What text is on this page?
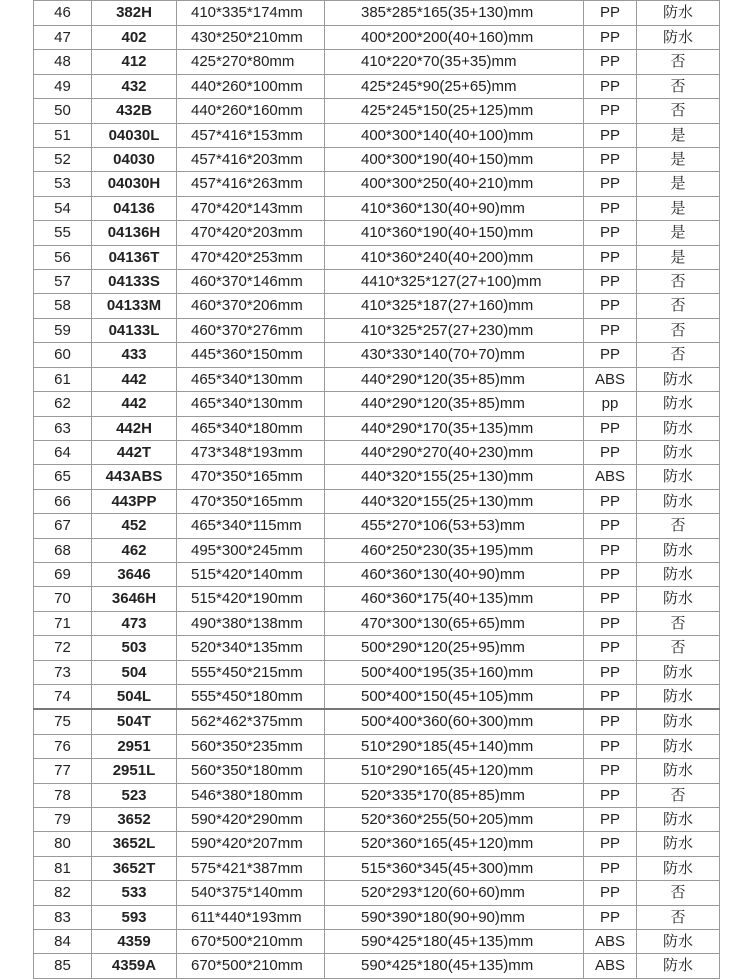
46	382H	410*335*174mm	385*285*165(35+130)mm	PP	防水
47	402	430*250*210mm	400*200*200(40+160)mm	PP	防水
48	412	425*270*80mm	410*220*70(35+35)mm	PP	否
49	432	440*260*100mm	425*245*90(25+65)mm	PP	否
50	432B	440*260*160mm	425*245*150(25+125)mm	PP	否
51	04030L	457*416*153mm	400*300*140(40+100)mm	PP	是
52	04030	457*416*203mm	400*300*190(40+150)mm	PP	是
53	04030H	457*416*263mm	400*300*250(40+210)mm	PP	是
54	04136	470*420*143mm	410*360*130(40+90)mm	PP	是
55	04136H	470*420*203mm	410*360*190(40+150)mm	PP	是
56	04136T	470*420*253mm	410*360*240(40+200)mm	PP	是
57	04133S	460*370*146mm	4410*325*127(27+100)mm	PP	否
58	04133M	460*370*206mm	410*325*187(27+160)mm	PP	否
59	04133L	460*370*276mm	410*325*257(27+230)mm	PP	否
60	433	445*360*150mm	430*330*140(70+70)mm	PP	否
61	442	465*340*130mm	440*290*120(35+85)mm	ABS	防水
62	442	465*340*130mm	440*290*120(35+85)mm	pp	防水
63	442H	465*340*180mm	440*290*170(35+135)mm	PP	防水
64	442T	473*348*193mm	440*290*270(40+230)mm	PP	防水
65	443ABS	470*350*165mm	440*320*155(25+130)mm	ABS	防水
66	443PP	470*350*165mm	440*320*155(25+130)mm	PP	防水
67	452	465*340*115mm	455*270*106(53+53)mm	PP	否
68	462	495*300*245mm	460*250*230(35+195)mm	PP	防水
69	3646	515*420*140mm	460*360*130(40+90)mm	PP	防水
70	3646H	515*420*190mm	460*360*175(40+135)mm	PP	防水
71	473	490*380*138mm	470*300*130(65+65)mm	PP	否
72	503	520*340*135mm	500*290*120(25+95)mm	PP	否
73	504	555*450*215mm	500*400*195(35+160)mm	PP	防水
74	504L	555*450*180mm	500*400*150(45+105)mm	PP	防水
75	504T	562*462*375mm	500*400*360(60+300)mm	PP	防水
76	2951	560*350*235mm	510*290*185(45+140)mm	PP	防水
77	2951L	560*350*180mm	510*290*165(45+120)mm	PP	防水
78	523	546*380*180mm	520*335*170(85+85)mm	PP	否
79	3652	590*420*290mm	520*360*255(50+205)mm	PP	防水
80	3652L	590*420*207mm	520*360*165(45+120)mm	PP	防水
81	3652T	575*421*387mm	515*360*345(45+300)mm	PP	防水
82	533	540*375*140mm	520*293*120(60+60)mm	PP	否
83	593	611*440*193mm	590*390*180(90+90)mm	PP	否
84	4359	670*500*210mm	590*425*180(45+135)mm	ABS	防水
85	4359A	670*500*210mm	590*425*180(45+135)mm	ABS	防水
